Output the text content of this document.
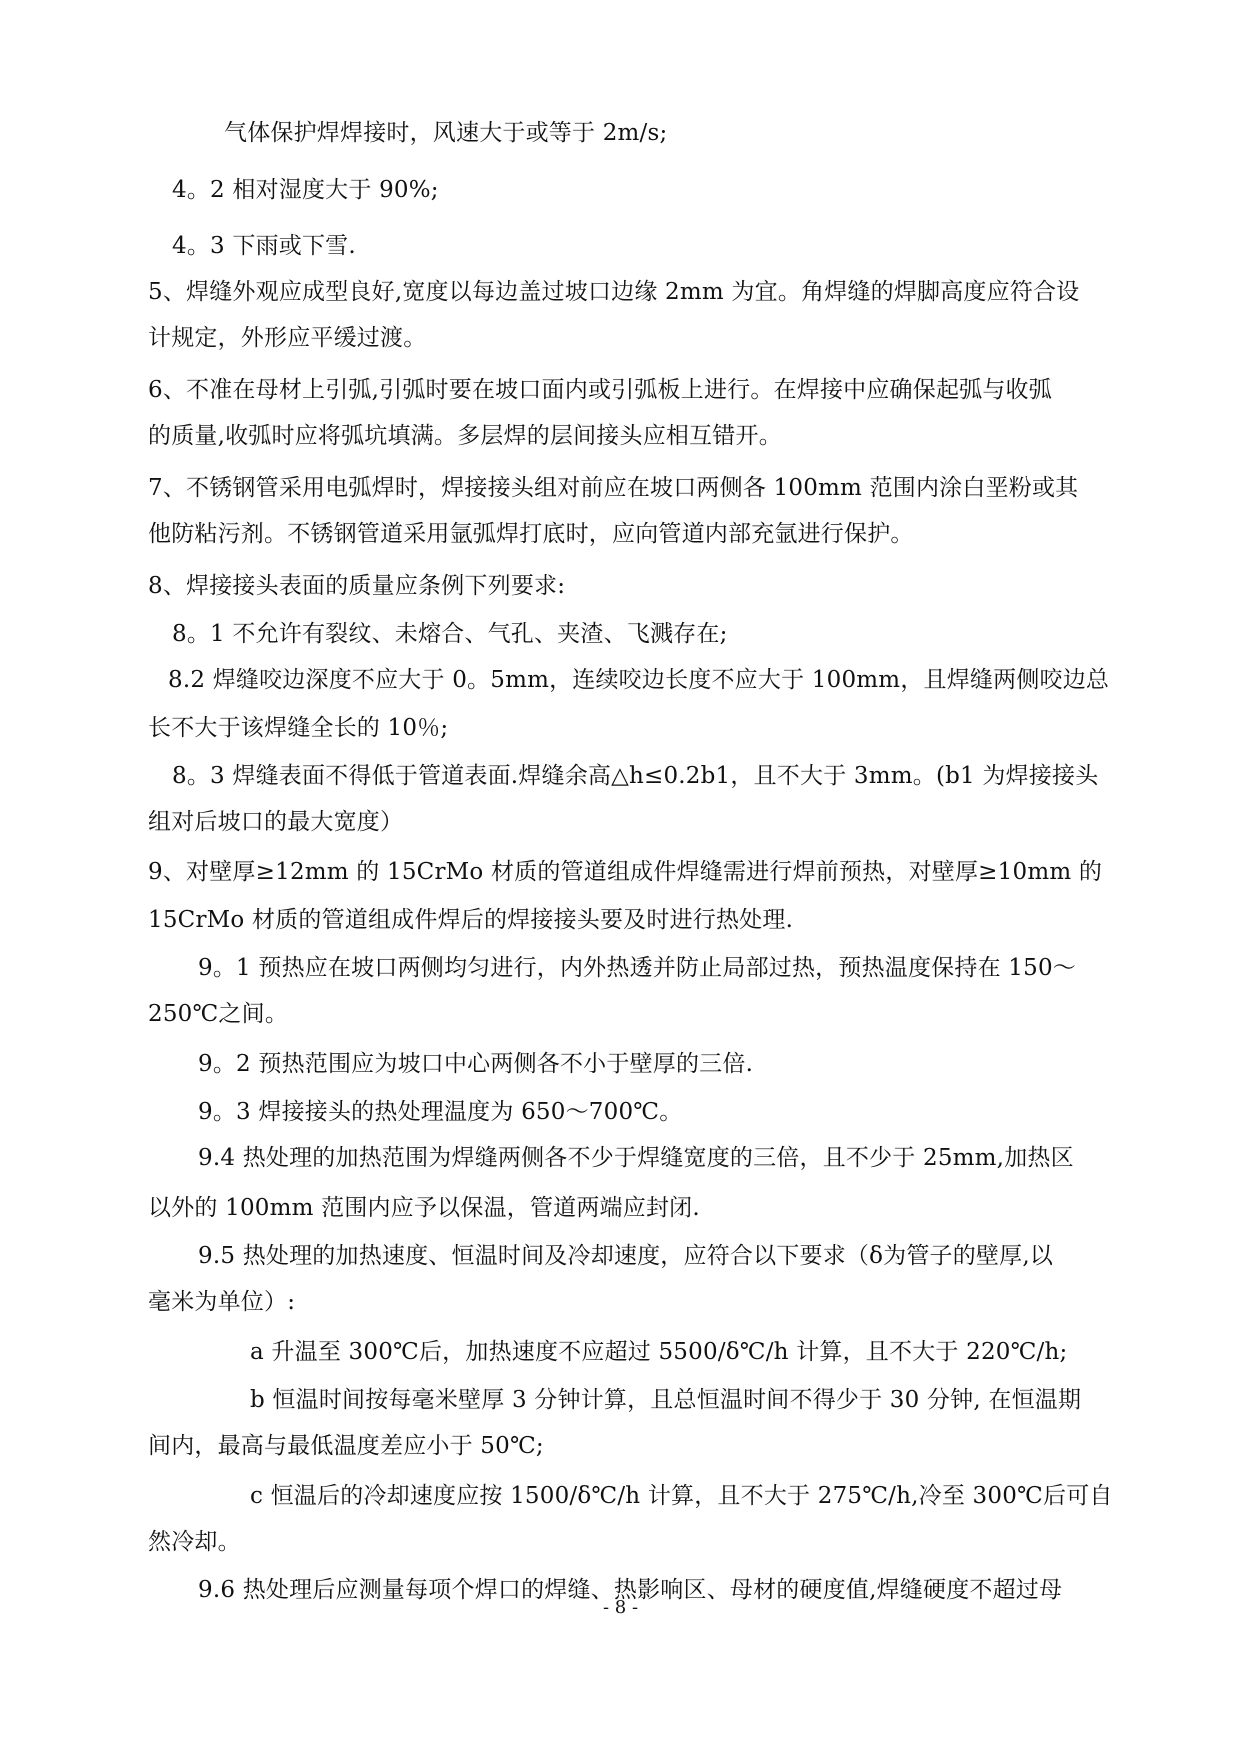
气体保护焊焊接时，风速大于或等于 2m/s;
4。2 相对湿度大于 90%;
4。3 下雨或下雪.
5、焊缝外观应成型良好,宽度以每边盖过坡口边缘 2mm 为宜。角焊缝的焊脚高度应符合设
计规定，外形应平缓过渡。
6、不准在母材上引弧,引弧时要在坡口面内或引弧板上进行。在焊接中应确保起弧与收弧
的质量,收弧时应将弧坑填满。多层焊的层间接头应相互错开。
7、不锈钢管采用电弧焊时，焊接接头组对前应在坡口两侧各 100mm 范围内涂白垩粉或其
他防粘污剂。不锈钢管道采用氩弧焊打底时，应向管道内部充氩进行保护。
8、焊接接头表面的质量应条例下列要求:
8。1 不允许有裂纹、未熔合、气孔、夹渣、飞溅存在;
8.2 焊缝咬边深度不应大于 0。5mm，连续咬边长度不应大于 100mm，且焊缝两侧咬边总
长不大于该焊缝全长的 10％;
8。3 焊缝表面不得低于管道表面.焊缝余高△h≤0.2b1，且不大于 3mm。(b1 为焊接接头
组对后坡口的最大宽度）
9、对壁厚≥12mm 的 15CrMo 材质的管道组成件焊缝需进行焊前预热，对壁厚≥10mm 的
15CrMo 材质的管道组成件焊后的焊接接头要及时进行热处理.
9。1 预热应在坡口两侧均匀进行，内外热透并防止局部过热，预热温度保持在 150～
250℃之间。
9。2 预热范围应为坡口中心两侧各不小于壁厚的三倍.
9。3 焊接接头的热处理温度为 650～700℃。
9.4 热处理的加热范围为焊缝两侧各不少于焊缝宽度的三倍，且不少于 25mm,加热区
以外的 100mm 范围内应予以保温，管道两端应封闭.
9.5 热处理的加热速度、恒温时间及冷却速度，应符合以下要求（δ为管子的壁厚,以
毫米为单位）:
a 升温至 300℃后，加热速度不应超过 5500/δ℃/h 计算，且不大于 220℃/h;
b 恒温时间按每毫米壁厚 3 分钟计算，且总恒温时间不得少于 30 分钟, 在恒温期
间内，最高与最低温度差应小于 50℃;
c 恒温后的冷却速度应按 1500/δ℃/h 计算，且不大于 275℃/h,冷至 300℃后可自
然冷却。
9.6 热处理后应测量每项个焊口的焊缝、热影响区、母材的硬度值,焊缝硬度不超过母
- 8 -
